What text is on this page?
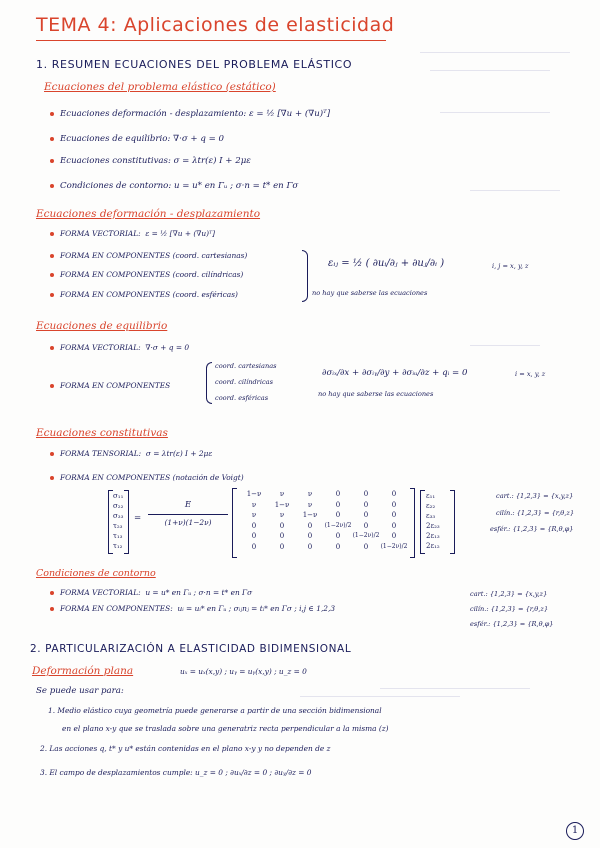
TEMA 4: Aplicaciones de elasticidad
1. RESUMEN ECUACIONES DEL PROBLEMA ELÁSTICO
Ecuaciones del problema elástico (estático)
Ecuaciones deformación - desplazamiento: ε = ½ [∇u + (∇u)ᵀ]
Ecuaciones de equilibrio: ∇·σ + q = 0
Ecuaciones constitutivas: σ = λtr(ε) I + 2με
Condiciones de contorno: u = u* en Γᵤ ; σ·n = t* en Γσ
Ecuaciones deformación - desplazamiento
FORMA VECTORIAL: ε = ½ [∇u + (∇u)ᵀ]
FORMA EN COMPONENTES (coord. cartesianas)
FORMA EN COMPONENTES (coord. cilíndricas)
FORMA EN COMPONENTES (coord. esféricas)
εᵢⱼ = ½ ( ∂uᵢ/∂ⱼ + ∂uⱼ/∂ᵢ )	i, j = x, y, z
no hay que saberse las ecuaciones
Ecuaciones de equilibrio
FORMA VECTORIAL: ∇·σ + q = 0
FORMA EN COMPONENTES
coord. cartesianas
coord. cilíndricas
coord. esféricas
∂σᵢₓ/∂x + ∂σᵢᵧ/∂y + ∂σᵢᵤ/∂z + qᵢ = 0	i = x, y, z
no hay que saberse las ecuaciones
Ecuaciones constitutivas
FORMA TENSORIAL: σ = λtr(ε) I + 2με
FORMA EN COMPONENTES (notación de Voigt)
σ₁₁
σ₂₂
σ₃₃
τ₂₃
τ₁₃
τ₁₂
=
E
(1+ν)(1−2ν)
1−ν	ν	ν	0	0	0
ν	1−ν	ν	0	0	0
ν	ν	1−ν	0	0	0
0	0	0	(1−2ν)/2	0	0
0	0	0	0	(1−2ν)/2	0
0	0	0	0	0	(1−2ν)/2
ε₁₁
ε₂₂
ε₃₃
2ε₂₃
2ε₁₃
2ε₁₂
cart.: {1,2,3} = {x,y,z}
cilín.: {1,2,3} = {r,θ,z}
esfér.: {1,2,3} = {R,θ,φ}
Condiciones de contorno
FORMA VECTORIAL: u = u* en Γᵤ ; σ·n = t* en Γσ
FORMA EN COMPONENTES: uᵢ = uᵢ* en Γᵤ ; σᵢⱼnⱼ = tᵢ* en Γσ ; i,j ∈ 1,2,3
cart.: {1,2,3} = {x,y,z}
cilín.: {1,2,3} = {r,θ,z}
esfér.: {1,2,3} = {R,θ,φ}
2. PARTICULARIZACIÓN A ELASTICIDAD BIDIMENSIONAL
Deformación plana	uₓ = uₓ(x,y) ; uᵧ = uᵧ(x,y) ; u_z = 0
Se puede usar para:
1. Medio elástico cuya geometría puede generarse a partir de una sección bidimensional
en el plano x-y que se traslada sobre una generatriz recta perpendicular a la misma (z)
2. Las acciones q, t* y u* están contenidas en el plano x-y y no dependen de z
3. El campo de desplazamientos cumple: u_z = 0 ; ∂uₓ/∂z = 0 ; ∂uᵧ/∂z = 0
1
